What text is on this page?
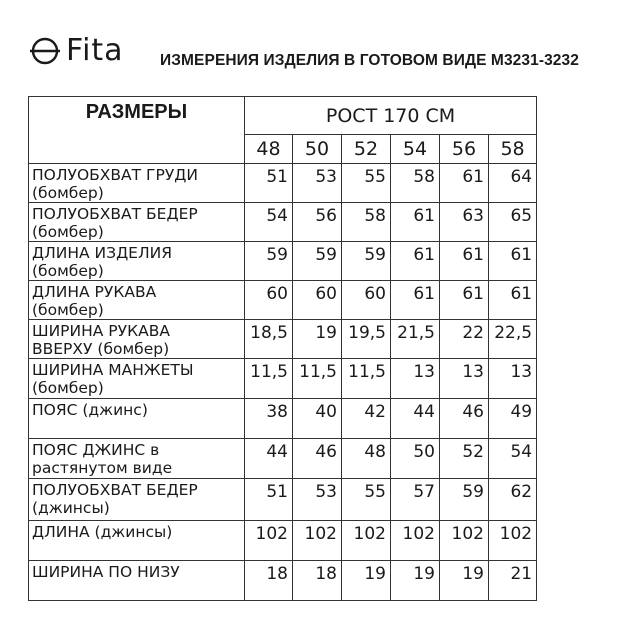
Fita ИЗМЕРЕНИЯ ИЗДЕЛИЯ В ГОТОВОМ ВИДЕ М3231-3232
РАЗМЕРЫ	РОСТ 170 СМ					
	48	50	52	54	56	58

ПОЛУОБХВАТ ГРУДИ
(бомбер)	51	53	55	58	61	64

ПОЛУОБХВАТ БЕДЕР
(бомбер)	54	56	58	61	63	65

ДЛИНА ИЗДЕЛИЯ
(бомбер)	59	59	59	61	61	61

ДЛИНА РУКАВА
(бомбер)	60	60	60	61	61	61

ШИРИНА РУКАВА
ВВЕРХУ (бомбер)	18,5	19	19,5	21,5	22	22,5

ШИРИНА МАНЖЕТЫ
(бомбер)	11,5	11,5	11,5	13	13	13

ПОЯС (джинс)	38	40	42	44	46	49

ПОЯС ДЖИНС в
растянутом виде	44	46	48	50	52	54

ПОЛУОБХВАТ БЕДЕР
(джинсы)	51	53	55	57	59	62

ДЛИНА (джинсы)	102	102	102	102	102	102

ШИРИНА ПО НИЗУ	18	18	19	19	19	21
